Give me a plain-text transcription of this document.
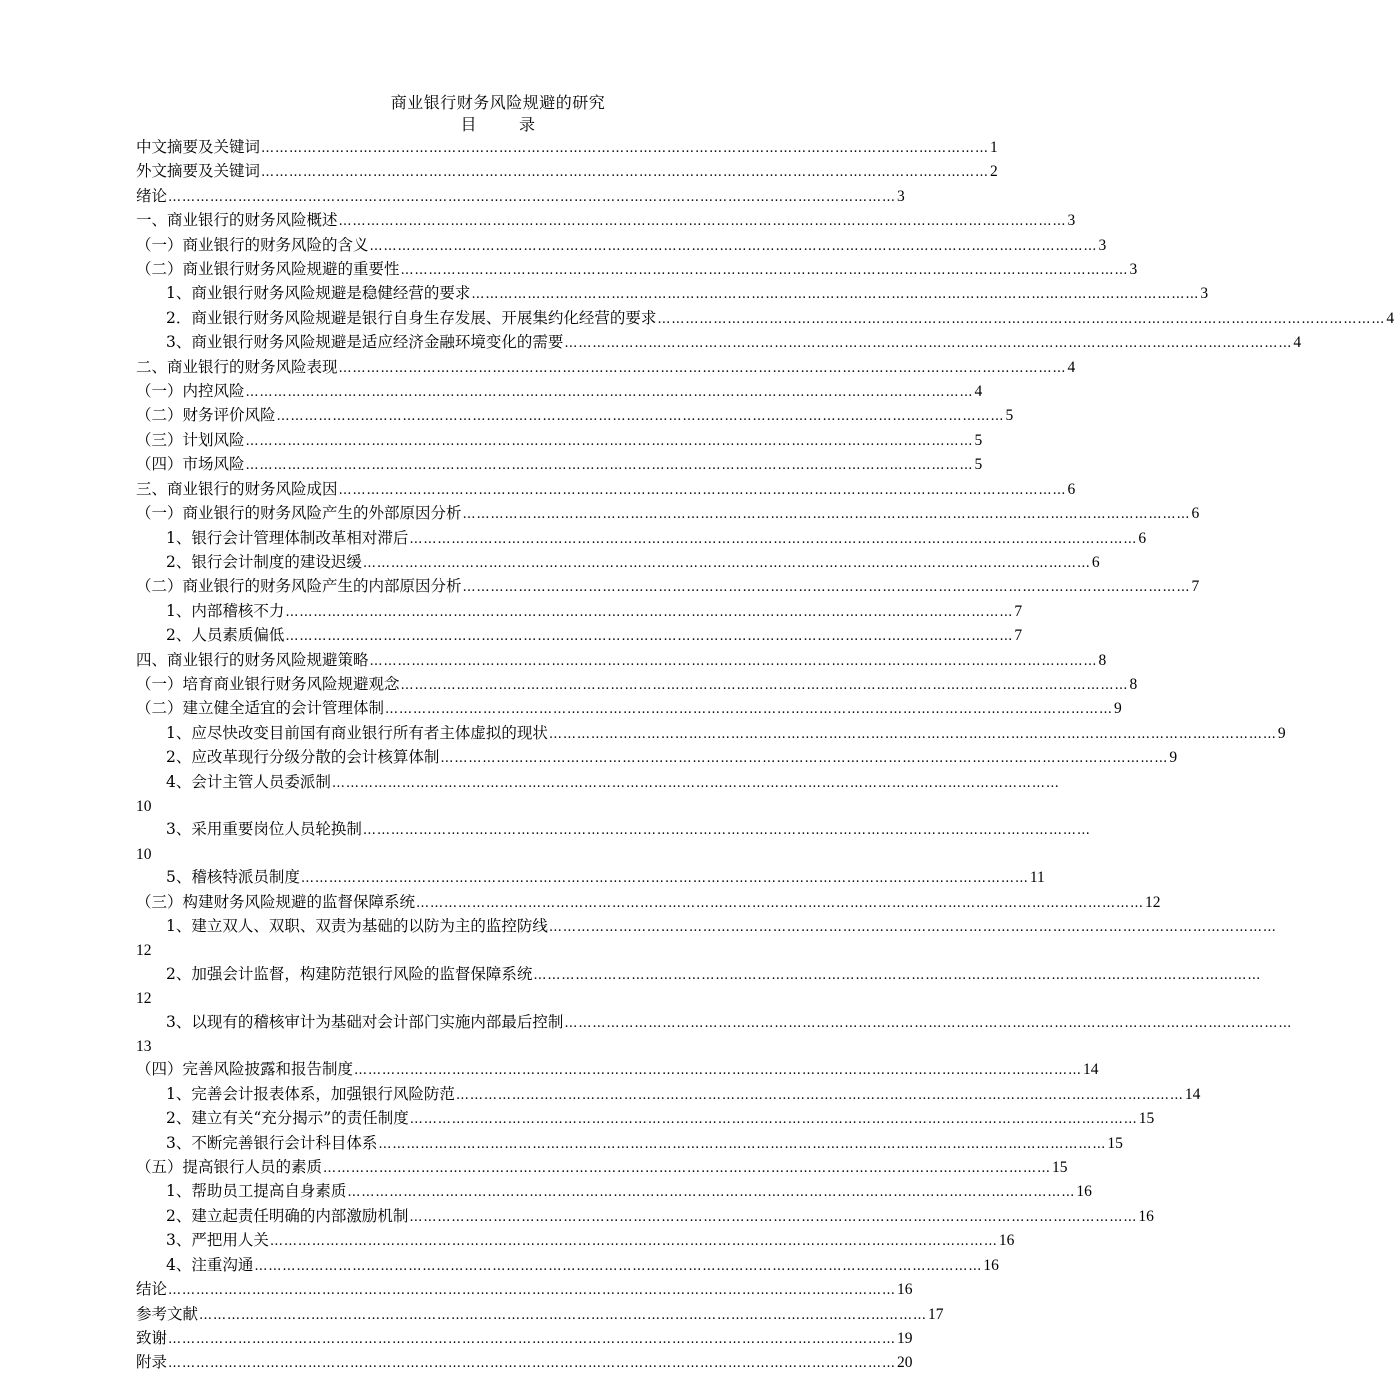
商业银行财务风险规避的研究
目	录
中文摘要及关键词 ………………………………………………………………………………………………………………………………………… 1
外文摘要及关键词 ………………………………………………………………………………………………………………………………………… 2
绪论 ………………………………………………………………………………………………………………………………………… 3
一、商业银行的财务风险概述 ………………………………………………………………………………………………………………………………………… 3
（一）商业银行的财务风险的含义 ………………………………………………………………………………………………………………………………………… 3
（二）商业银行财务风险规避的重要性 ………………………………………………………………………………………………………………………………………… 3
1、商业银行财务风险规避是稳健经营的要求 ………………………………………………………………………………………………………………………………………… 3
2．商业银行财务风险规避是银行自身生存发展、开展集约化经营的要求 ………………………………………………………………………………………………………………………………………… 4
3、商业银行财务风险规避是适应经济金融环境变化的需要 ………………………………………………………………………………………………………………………………………… 4
二、商业银行的财务风险表现 ………………………………………………………………………………………………………………………………………… 4
（一）内控风险 ………………………………………………………………………………………………………………………………………… 4
（二）财务评价风险 ………………………………………………………………………………………………………………………………………… 5
（三）计划风险 ………………………………………………………………………………………………………………………………………… 5
（四）市场风险 ………………………………………………………………………………………………………………………………………… 5
三、商业银行的财务风险成因 ………………………………………………………………………………………………………………………………………… 6
（一）商业银行的财务风险产生的外部原因分析 ………………………………………………………………………………………………………………………………………… 6
1、银行会计管理体制改革相对滞后 ………………………………………………………………………………………………………………………………………… 6
2、银行会计制度的建设迟缓 ………………………………………………………………………………………………………………………………………… 6
（二）商业银行的财务风险产生的内部原因分析 ………………………………………………………………………………………………………………………………………… 7
1、内部稽核不力 ………………………………………………………………………………………………………………………………………… 7
2、人员素质偏低 ………………………………………………………………………………………………………………………………………… 7
四、商业银行的财务风险规避策略 ………………………………………………………………………………………………………………………………………… 8
（一）培育商业银行财务风险规避观念 ………………………………………………………………………………………………………………………………………… 8
（二）建立健全适宜的会计管理体制 ………………………………………………………………………………………………………………………………………… 9
1、应尽快改变目前国有商业银行所有者主体虚拟的现状 ………………………………………………………………………………………………………………………………………… 9
2、应改革现行分级分散的会计核算体制 ………………………………………………………………………………………………………………………………………… 9
4、会计主管人员委派制 …………………………………………………………………………………………………………………………………………
10
3、采用重要岗位人员轮换制 …………………………………………………………………………………………………………………………………………
10
5、稽核特派员制度 ………………………………………………………………………………………………………………………………………… 11
（三）构建财务风险规避的监督保障系统 ………………………………………………………………………………………………………………………………………… 12
1、建立双人、双职、双责为基础的以防为主的监控防线 …………………………………………………………………………………………………………………………………………
12
2、加强会计监督，构建防范银行风险的监督保障系统 …………………………………………………………………………………………………………………………………………
12
3、以现有的稽核审计为基础对会计部门实施内部最后控制 …………………………………………………………………………………………………………………………………………
13
（四）完善风险披露和报告制度 ………………………………………………………………………………………………………………………………………… 14
1、完善会计报表体系，加强银行风险防范 ………………………………………………………………………………………………………………………………………… 14
2、建立有关“充分揭示”的责任制度 ………………………………………………………………………………………………………………………………………… 15
3、不断完善银行会计科目体系 ………………………………………………………………………………………………………………………………………… 15
（五）提高银行人员的素质 ………………………………………………………………………………………………………………………………………… 15
1、帮助员工提高自身素质 ………………………………………………………………………………………………………………………………………… 16
2、建立起责任明确的内部激励机制 ………………………………………………………………………………………………………………………………………… 16
3、严把用人关 ………………………………………………………………………………………………………………………………………… 16
4、注重沟通 ………………………………………………………………………………………………………………………………………… 16
结论 ………………………………………………………………………………………………………………………………………… 16
参考文献 ………………………………………………………………………………………………………………………………………… 17
致谢 ………………………………………………………………………………………………………………………………………… 19
附录 ………………………………………………………………………………………………………………………………………… 20
